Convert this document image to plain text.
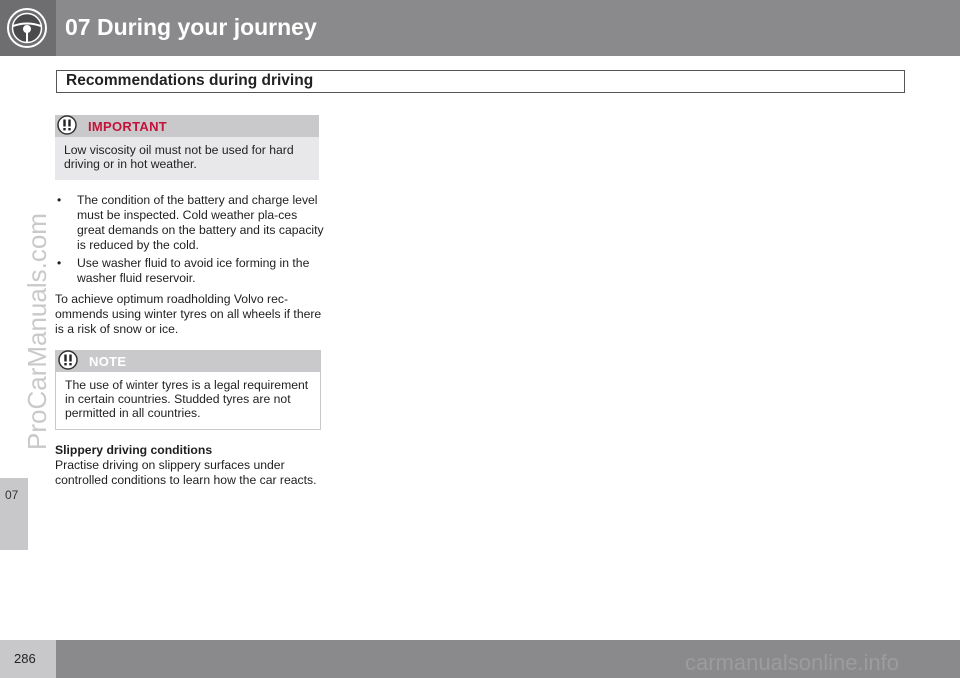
07 During your journey
Recommendations during driving
07
ProCarManuals.com
IMPORTANT
Low viscosity oil must not be used for hard driving or in hot weather.
• The condition of the battery and charge level must be inspected. Cold weather pla-ces great demands on the battery and its capacity is reduced by the cold.
• Use washer fluid to avoid ice forming in the washer fluid reservoir.
To achieve optimum roadholding Volvo rec-ommends using winter tyres on all wheels if there is a risk of snow or ice.
NOTE
The use of winter tyres is a legal requirement in certain countries. Studded tyres are not permitted in all countries.
Slippery driving conditions
Practise driving on slippery surfaces under controlled conditions to learn how the car reacts.
286	carmanualsonline.info
